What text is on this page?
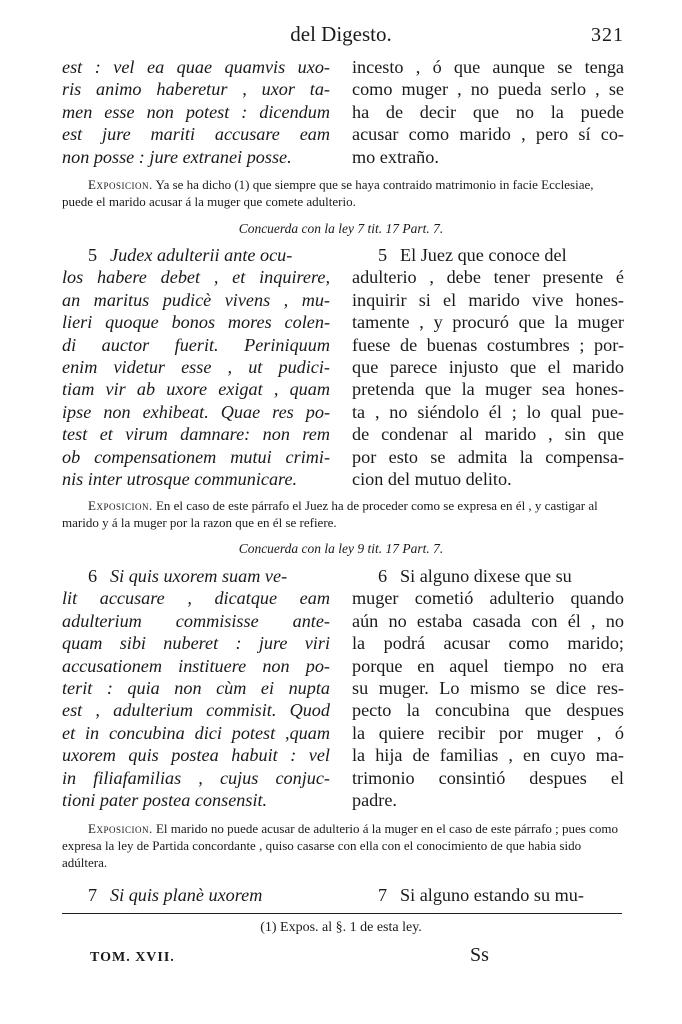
del Digesto.	321
est : vel ea quae quamvis uxo-
ris animo haberetur , uxor ta-
men esse non potest : dicendum
est jure mariti accusare eam
non posse : jure extranei posse.
incesto , ó que aunque se tenga
como muger , no pueda serlo , se
ha de decir que no la puede
acusar como marido , pero sí co-
mo extraño.
Exposicion. Ya se ha dicho (1) que siempre que se haya contraido matrimonio in facie Ecclesiae, puede el marido acusar á la muger que comete adulterio.
Concuerda con la ley 7 tit. 17 Part. 7.
5 Judex adulterii ante ocu-
los habere debet , et inquirere,
an maritus pudicè vivens , mu-
lieri quoque bonos mores colen-
di auctor fuerit. Periniquum
enim videtur esse , ut pudici-
tiam vir ab uxore exigat , quam
ipse non exhibeat. Quae res po-
test et virum damnare: non rem
ob compensationem mutui crimi-
nis inter utrosque communicare.
5 El Juez que conoce del
adulterio , debe tener presente é
inquirir si el marido vive hones-
tamente , y procuró que la muger
fuese de buenas costumbres ; por-
que parece injusto que el marido
pretenda que la muger sea hones-
ta , no siéndolo él ; lo qual pue-
de condenar al marido , sin que
por esto se admita la compensa-
cion del mutuo delito.
Exposicion. En el caso de este párrafo el Juez ha de proceder como se expresa en él , y castigar al marido y á la muger por la razon que en él se refiere.
Concuerda con la ley 9 tit. 17 Part. 7.
6 Si quis uxorem suam ve-
lit accusare , dicatque eam
adulterium commisisse ante-
quam sibi nuberet : jure viri
accusationem instituere non po-
terit : quia non cùm ei nupta
est , adulterium commisit. Quod
et in concubina dici potest ,quam
uxorem quis postea habuit : vel
in filiafamilias , cujus conjuc-
tioni pater postea consensit.
6 Si alguno dixese que su
muger cometió adulterio quando
aún no estaba casada con él , no
la podrá acusar como marido;
porque en aquel tiempo no era
su muger. Lo mismo se dice res-
pecto la concubina que despues
la quiere recibir por muger , ó
la hija de familias , en cuyo ma-
trimonio consintió despues el
padre.
Exposicion. El marido no puede acusar de adulterio á la muger en el caso de este párrafo ; pues como expresa la ley de Partida concordante , quiso casarse con ella con el conocimiento de que habia sido adúltera.
7 Si quis planè uxorem	7 Si alguno estando su mu-
(1) Expos. al §. 1 de esta ley.
TOM. XVII.	Ss
